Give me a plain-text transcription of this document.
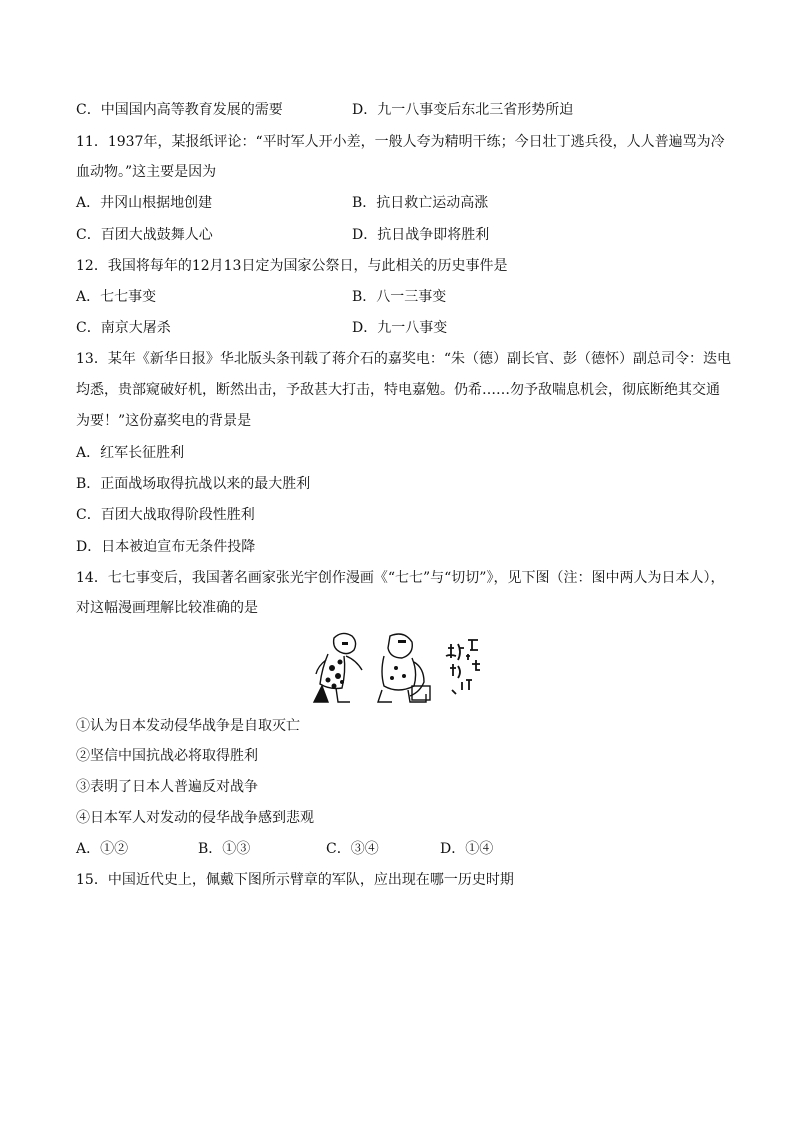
C．中国国内高等教育发展的需要	D．九一八事变后东北三省形势所迫
11．1937年，某报纸评论：“平时军人开小差，一般人夸为精明干练；今日壮丁逃兵役，人人普遍骂为冷
血动物。”这主要是因为
A．井冈山根据地创建	B．抗日救亡运动高涨
C．百团大战鼓舞人心	D．抗日战争即将胜利
12．我国将每年的12月13日定为国家公祭日，与此相关的历史事件是
A．七七事变	B．八一三事变
C．南京大屠杀	D．九一八事变
13．某年《新华日报》华北版头条刊载了蒋介石的嘉奖电：“朱（德）副长官、彭（德怀）副总司令：迭电
均悉，贵部窥破好机，断然出击，予敌甚大打击，特电嘉勉。仍希……勿予敌喘息机会，彻底断绝其交通
为要！”这份嘉奖电的背景是
A．红军长征胜利
B．正面战场取得抗战以来的最大胜利
C．百团大战取得阶段性胜利
D．日本被迫宣布无条件投降
14．七七事变后，我国著名画家张光宇创作漫画《“七七”与“切切”》，见下图（注：图中两人为日本人），
对这幅漫画理解比较准确的是
①认为日本发动侵华战争是自取灭亡
②坚信中国抗战必将取得胜利
③表明了日本人普遍反对战争
④日本军人对发动的侵华战争感到悲观
A．①②	B．①③	C．③④	D．①④
15．中国近代史上，佩戴下图所示臂章的军队，应出现在哪一历史时期
